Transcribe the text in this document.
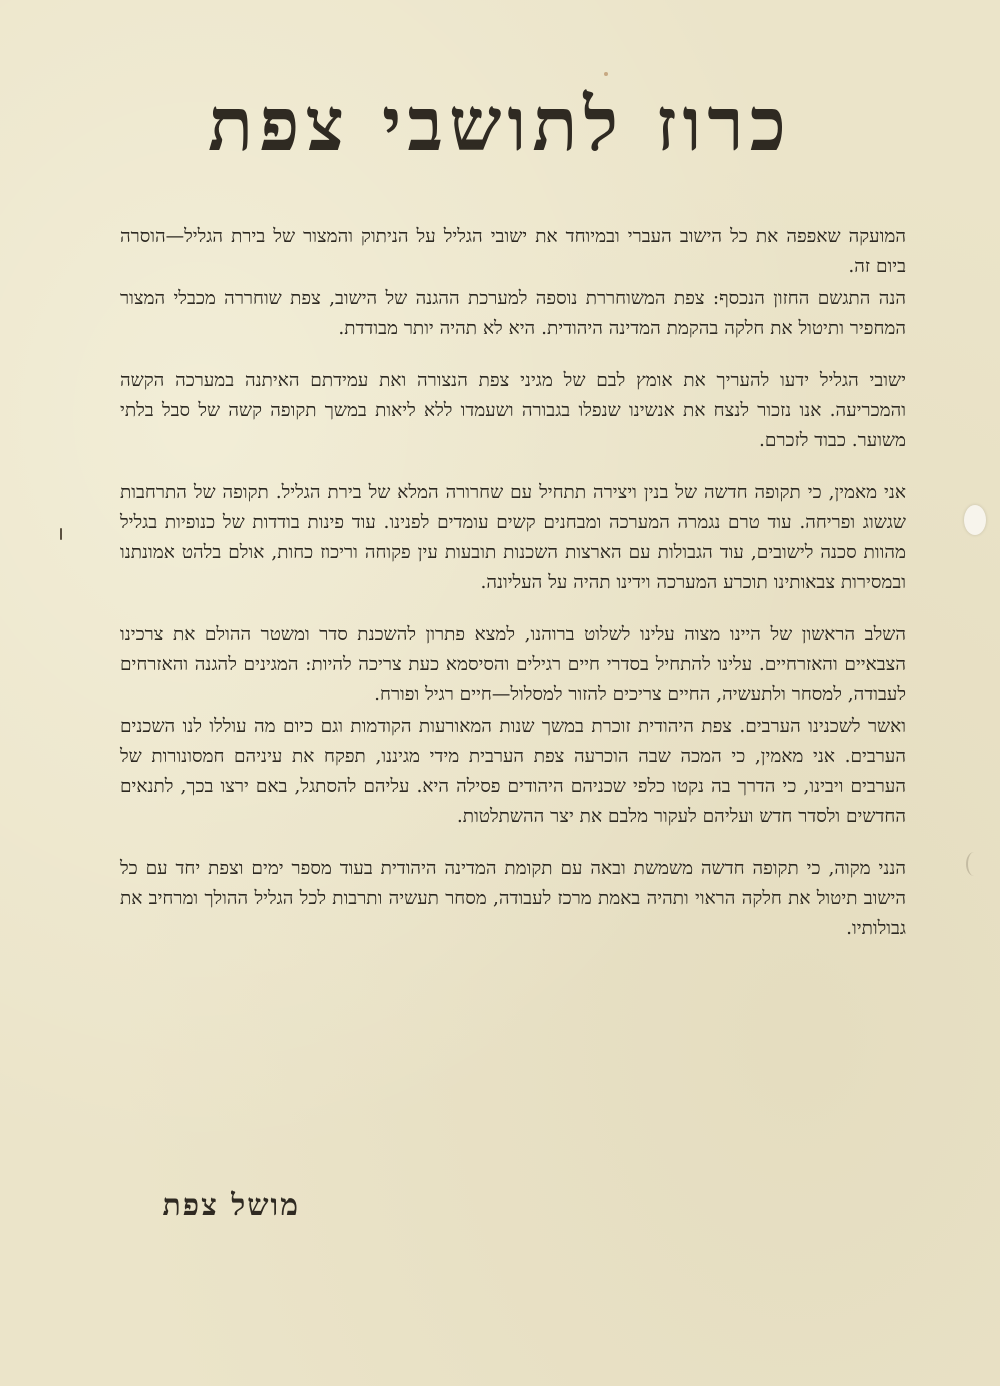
כרוז לתושבי צפת

המועקה שאפפה את כל הישוב העברי ובמיוחד את ישובי הגליל על הניתוק והמצור של בירת הגליל—הוסרה ביום זה.

הנה התגשם החזון הנכסף: צפת המשוחררת נוספה למערכת ההגנה של הישוב, צפת שוחררה מכבלי המצור המחפיר ותיטול את חלקה בהקמת המדינה היהודית. היא לא תהיה יותר מבודדת.

ישובי הגליל ידעו להעריך את אומץ לבם של מגיני צפת הנצורה ואת עמידתם האיתנה במערכה הקשה והמכריעה. אנו נזכור לנצח את אנשינו שנפלו בגבורה ושעמדו ללא ליאות במשך תקופה קשה של סבל בלתי משוער. כבוד לזכרם.

אני מאמין, כי תקופה חדשה של בנין ויצירה תתחיל עם שחרורה המלא של בירת הגליל. תקופה של התרחבות שגשוג ופריחה. עוד טרם נגמרה המערכה ומבחנים קשים עומדים לפנינו. עוד פינות בודדות של כנופיות בגליל מהוות סכנה לישובים, עוד הגבולות עם הארצות השכנות תובעות עין פקוחה וריכוז כחות, אולם בלהט אמונתנו ובמסירות צבאותינו תוכרע המערכה וידינו תהיה על העליונה.

השלב הראשון של היינו מצוה עלינו לשלוט ברוהנו, למצא פתרון להשכנת סדר ומשטר ההולם את צרכינו הצבאיים והאזרחיים. עלינו להתחיל בסדרי חיים רגילים והסיסמא כעת צריכה להיות: המגינים להגנה והאזרחים לעבודה, למסחר ולתעשיה, החיים צריכים להזור למסלול—חיים רגיל ופורח.

ואשר לשכנינו הערבים. צפת היהודית זוכרת במשך שנות המאורעות הקודמות וגם כיום מה עוללו לנו השכנים הערבים. אני מאמין, כי המכה שבה הוכרעה צפת הערבית מידי מגיננו, תפקח את עיניהם חמסונורות של הערבים ויבינו, כי הדרך בה נקטו כלפי שכניהם היהודים פסילה היא. עליהם להסתגל, באם ירצו בכך, לתנאים החדשים ולסדר חדש ועליהם לעקור מלבם את יצר ההשתלטות.

הנני מקוה, כי תקופה חדשה משמשת ובאה עם תקומת המדינה היהודית בעוד מספר ימים וצפת יחד עם כל הישוב תיטול את חלקה הראוי ותהיה באמת מרכז לעבודה, מסחר תעשיה ותרבות לכל הגליל ההולך ומרחיב את גבולותיו.

מושל צפת
